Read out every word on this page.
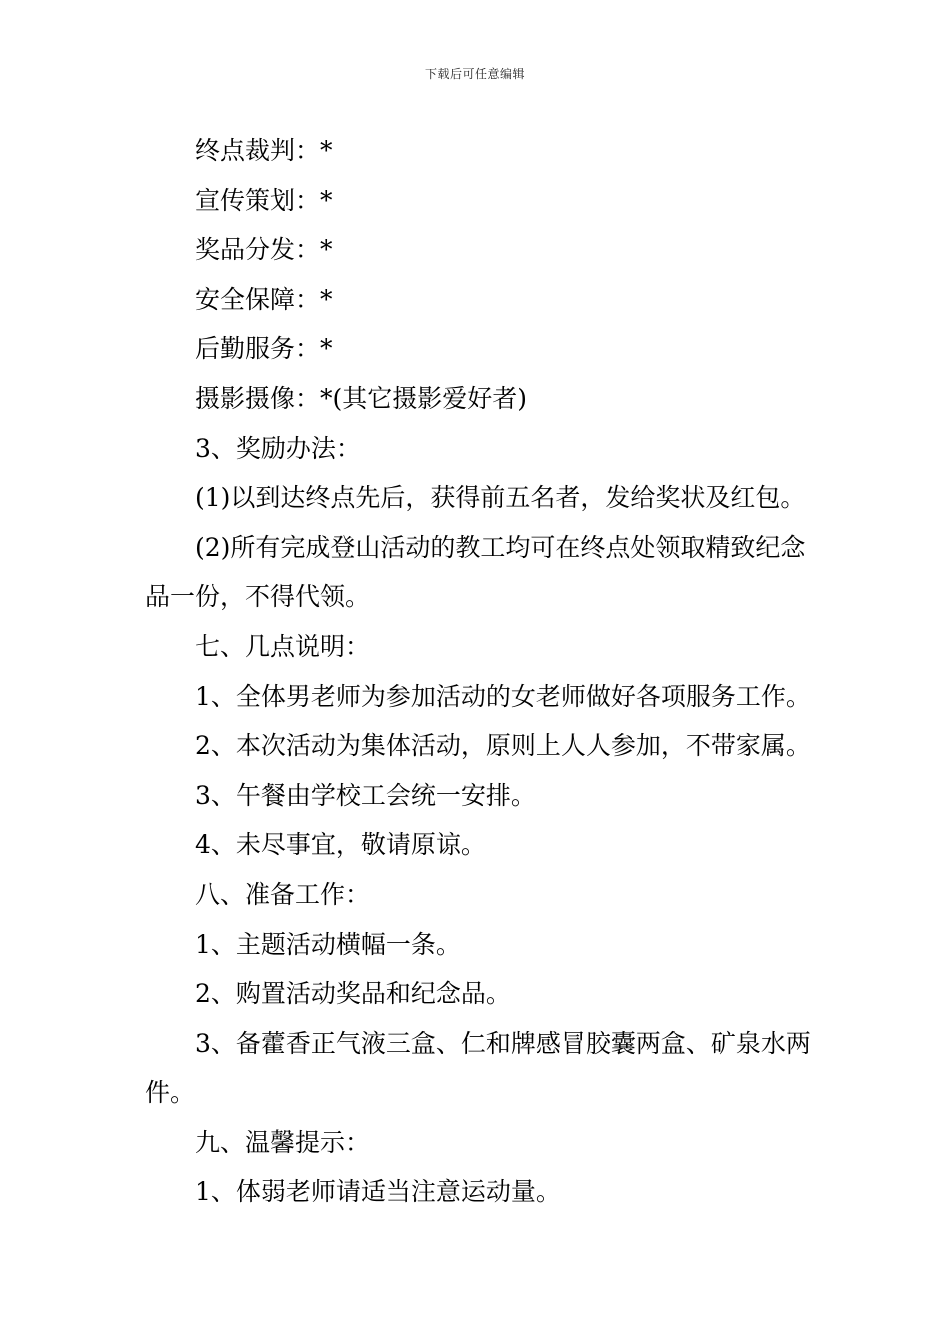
下载后可任意编辑

终点裁判：*

宣传策划：*

奖品分发：*

安全保障：*

后勤服务：*

摄影摄像：*(其它摄影爱好者)

3、奖励办法：

(1)以到达终点先后，获得前五名者，发给奖状及红包。

(2)所有完成登山活动的教工均可在终点处领取精致纪念品一份，不得代领。

七、几点说明：

1、全体男老师为参加活动的女老师做好各项服务工作。

2、本次活动为集体活动，原则上人人参加，不带家属。

3、午餐由学校工会统一安排。

4、未尽事宜，敬请原谅。

八、准备工作：

1、主题活动横幅一条。

2、购置活动奖品和纪念品。

3、备藿香正气液三盒、仁和牌感冒胶囊两盒、矿泉水两件。

九、温馨提示：

1、体弱老师请适当注意运动量。
